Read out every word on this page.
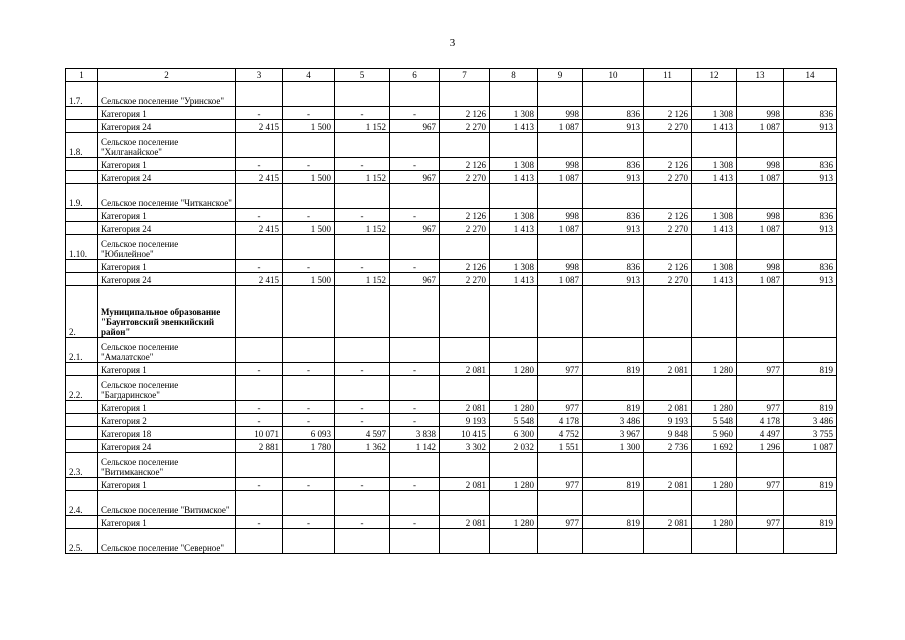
3
1	2	3	4	5	6	7	8	9	10	11	12	13	14
1.7.	Сельское поселение "Уринское"												
	Категория 1	-	-	-	-	2 126	1 308	998	836	2 126	1 308	998	836
	Категория 24	2 415	1 500	1 152	967	2 270	1 413	1 087	913	2 270	1 413	1 087	913
1.8.	Сельское поселение "Хилганайское"												
	Категория 1	-	-	-	-	2 126	1 308	998	836	2 126	1 308	998	836
	Категория 24	2 415	1 500	1 152	967	2 270	1 413	1 087	913	2 270	1 413	1 087	913
1.9.	Сельское поселение "Читканское"												
	Категория 1	-	-	-	-	2 126	1 308	998	836	2 126	1 308	998	836
	Категория 24	2 415	1 500	1 152	967	2 270	1 413	1 087	913	2 270	1 413	1 087	913
1.10.	Сельское поселение "Юбилейное"												
	Категория 1	-	-	-	-	2 126	1 308	998	836	2 126	1 308	998	836
	Категория 24	2 415	1 500	1 152	967	2 270	1 413	1 087	913	2 270	1 413	1 087	913
2.	Муниципальное образование "Баунтовский эвенкийский район"												
2.1.	Сельское поселение "Амалатское"												
	Категория 1	-	-	-	-	2 081	1 280	977	819	2 081	1 280	977	819
2.2.	Сельское поселение "Багдаринское"												
	Категория 1	-	-	-	-	2 081	1 280	977	819	2 081	1 280	977	819
	Категория 2	-	-	-	-	9 193	5 548	4 178	3 486	9 193	5 548	4 178	3 486
	Категория 18	10 071	6 093	4 597	3 838	10 415	6 300	4 752	3 967	9 848	5 960	4 497	3 755
	Категория 24	2 881	1 780	1 362	1 142	3 302	2 032	1 551	1 300	2 736	1 692	1 296	1 087
2.3.	Сельское поселение "Витимканское"												
	Категория 1	-	-	-	-	2 081	1 280	977	819	2 081	1 280	977	819
2.4.	Сельское поселение "Витимское"												
	Категория 1	-	-	-	-	2 081	1 280	977	819	2 081	1 280	977	819
2.5.	Сельское поселение "Северное"												
